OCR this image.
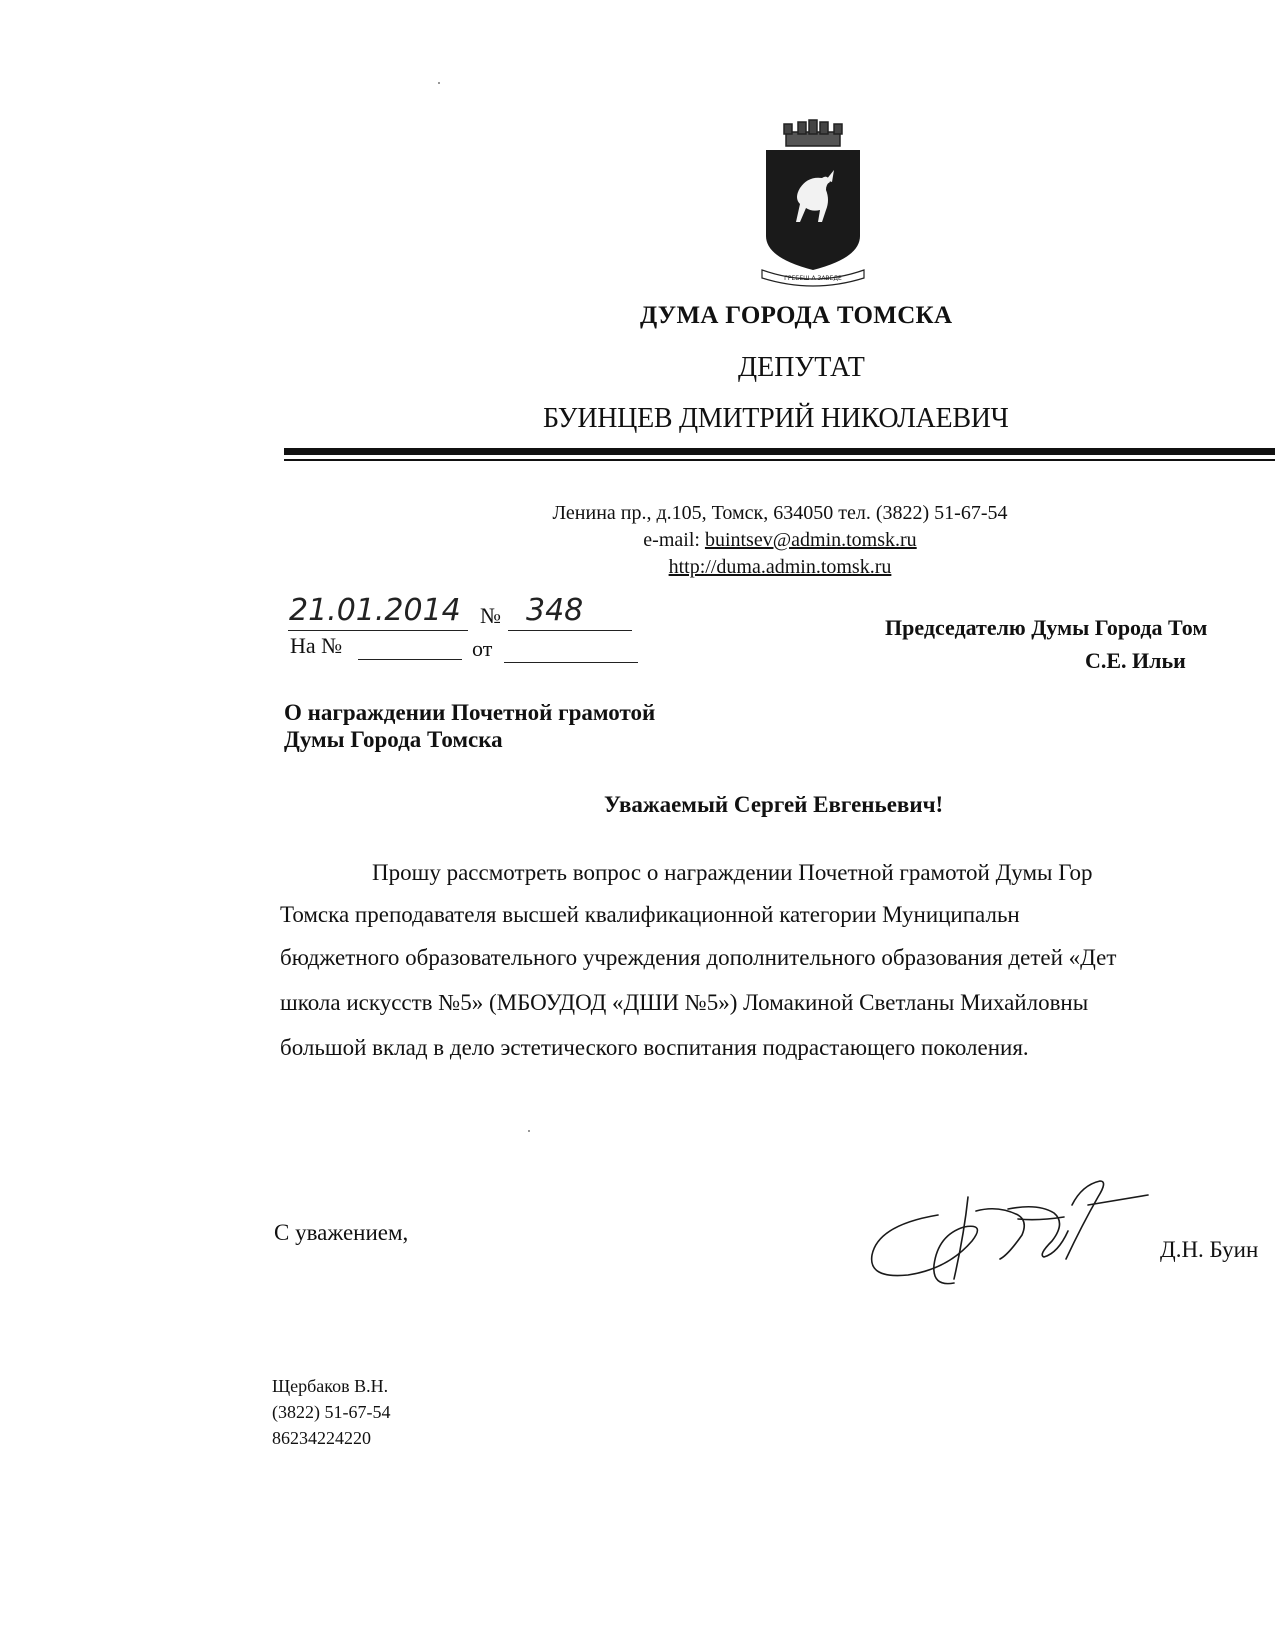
ГРЕБЕШ А ЗАВЕДЕ
ДУМА ГОРОДА ТОМСКА
ДЕПУТАТ
БУИНЦЕВ ДМИТРИЙ НИКОЛАЕВИЧ
Ленина пр., д.105, Томск, 634050 тел. (3822) 51-67-54
e-mail: buintsev@admin.tomsk.ru
http://duma.admin.tomsk.ru
21.01.2014 № 348
На №	от
Председателю Думы Города Том
С.Е. Ильи
О награждении Почетной грамотой
Думы Города Томска
Уважаемый Сергей Евгеньевич!
Прошу рассмотреть вопрос о награждении Почетной грамотой Думы Гор
Томска преподавателя высшей квалификационной категории Муниципальн
бюджетного образовательного учреждения дополнительного образования детей «Дет
школа искусств №5» (МБОУДОД «ДШИ №5») Ломакиной Светланы Михайловны
большой вклад в дело эстетического воспитания подрастающего поколения.
С уважением,
Д.Н. Буин
Щербаков В.Н.
(3822) 51-67-54
86234224220
